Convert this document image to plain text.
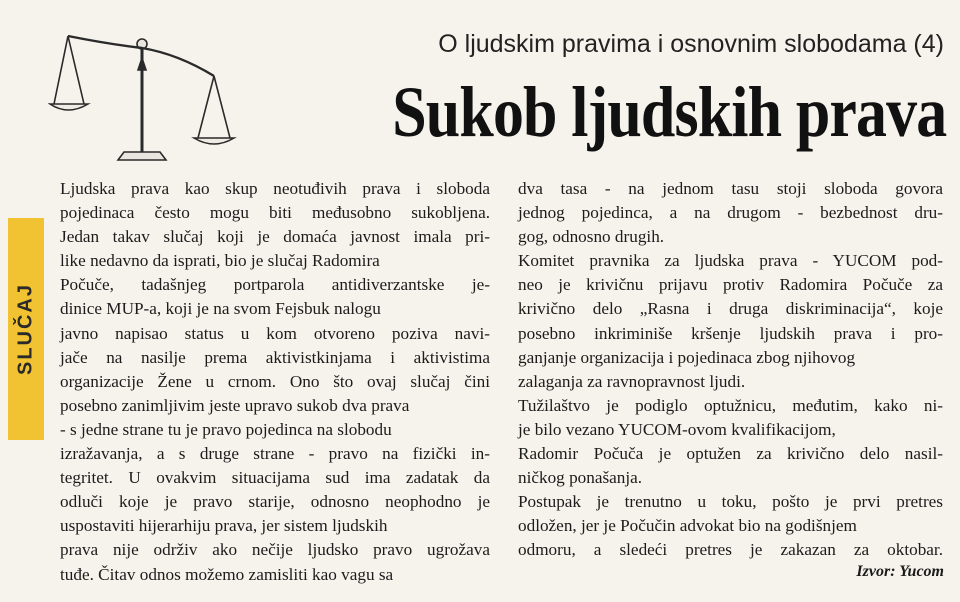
O ljudskim pravima i osnovnim slobodama (4)
Sukob ljudskih prava
SLUČAJ
Ljudska prava kao skup neotuđivih prava i sloboda
pojedinaca često mogu biti međusobno sukobljena.
Jedan takav slučaj koji je domaća javnost imala pri-
like nedavno da isprati, bio je slučaj Radomira
Počuče, tadašnjeg portparola antidiverzantske je-
dinice MUP-a, koji je na svom Fejsbuk nalogu
javno napisao status u kom otvoreno poziva navi-
jače na nasilje prema aktivistkinjama i aktivistima
organizacije Žene u crnom. Ono što ovaj slučaj čini
posebno zanimljivim jeste upravo sukob dva prava
- s jedne strane tu je pravo pojedinca na slobodu
izražavanja, a s druge strane - pravo na fizički in-
tegritet. U ovakvim situacijama sud ima zadatak da
odluči koje je pravo starije, odnosno neophodno je
uspostaviti hijerarhiju prava, jer sistem ljudskih
prava nije održiv ako nečije ljudsko pravo ugrožava
tuđe. Čitav odnos možemo zamisliti kao vagu sa
dva tasa - na jednom tasu stoji sloboda govora
jednog pojedinca, a na drugom - bezbednost dru-
gog, odnosno drugih.
Komitet pravnika za ljudska prava - YUCOM pod-
neo je krivičnu prijavu protiv Radomira Počuče za
krivično delo „Rasna i druga diskriminacija“, koje
posebno inkriminiše kršenje ljudskih prava i pro-
ganjanje organizacija i pojedinaca zbog njihovog
zalaganja za ravnopravnost ljudi.
Tužilaštvo je podiglo optužnicu, međutim, kako ni-
je bilo vezano YUCOM-ovom kvalifikacijom,
Radomir Počuča je optužen za krivično delo nasil-
ničkog ponašanja.
Postupak je trenutno u toku, pošto je prvi pretres
odložen, jer je Počučin advokat bio na godišnjem
odmoru, a sledeći pretres je zakazan za oktobar.
Izvor: Yucom
